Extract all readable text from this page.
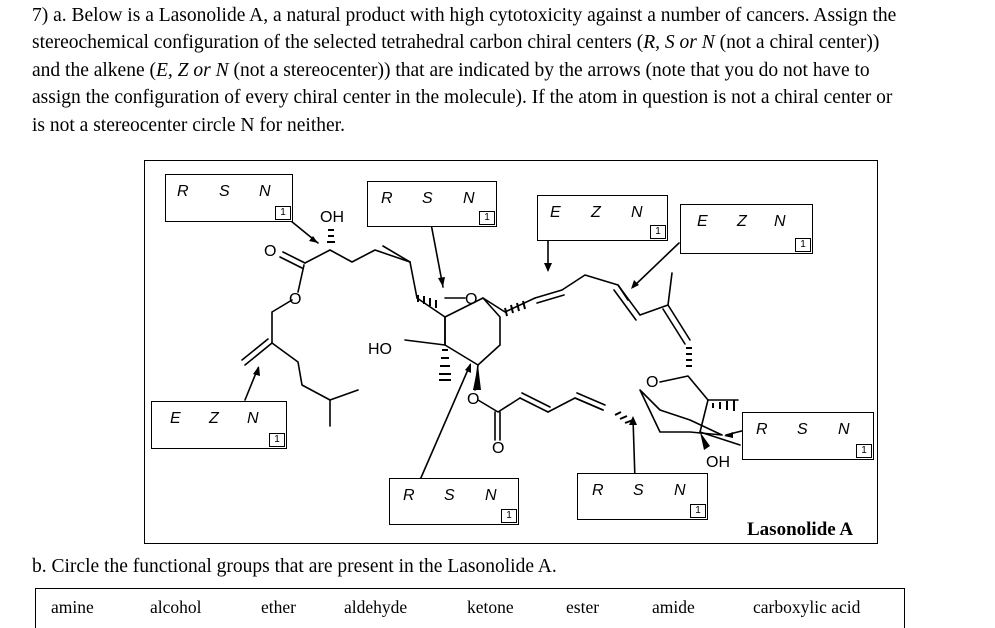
7) a. Below is a Lasonolide A, a natural product with high cytotoxicity against a number of cancers. Assign the
stereochemical configuration of the selected tetrahedral carbon chiral centers (R, S or N (not a chiral center))
and the alkene (E, Z or N (not a stereocenter)) that are indicated by the arrows (note that you do not have to
assign the configuration of every chiral center in the molecule). If the atom in question is not a chiral center or
is not a stereocenter circle N for neither.
OH
O
O	O
HO
O
O
O
OH
R S N
1
R S N
1	E Z N
1
E Z N
1
E Z N
1
R S N
1
R S N
1
R S N
1
Lasonolide A
b. Circle the functional groups that are present in the Lasonolide A.
amine	alcohol	ether	aldehyde	ketone	ester	amide	carboxylic acid
